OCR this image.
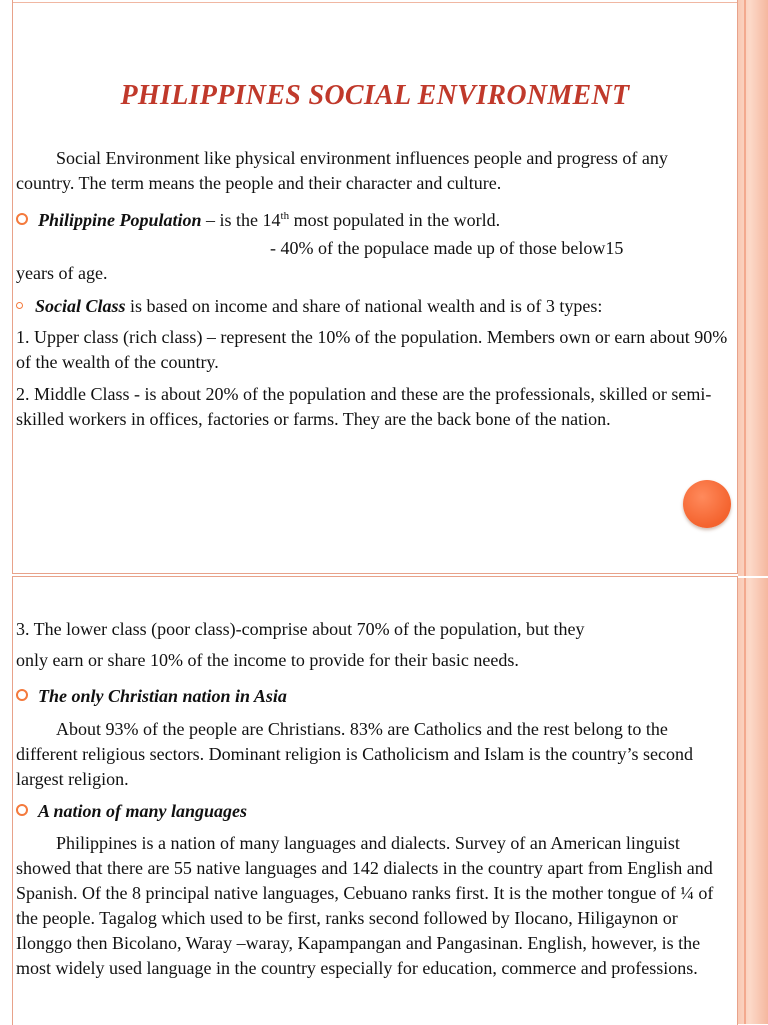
PHILIPPINES SOCIAL ENVIRONMENT
Social Environment like physical environment influences people and progress of any country. The term means the people and their character and culture.
Philippine Population – is the 14th most populated in the world.
- 40% of the populace made up of those below15
years of age.
Social Class is based on income and share of national wealth and is of 3 types:
1. Upper class (rich class) – represent the 10% of the population. Members own or earn about 90% of the wealth of the country.
2. Middle Class - is about 20% of the population and these are the professionals, skilled or semi-skilled workers in offices, factories or farms. They are the back bone of the nation.
3. The lower class (poor class)-comprise about 70% of the population, but they
only earn or share 10% of the income to provide for their basic needs.
The only Christian nation in Asia
About 93% of the people are Christians. 83% are Catholics and the rest belong to the different religious sectors. Dominant religion is Catholicism and Islam is the country’s second largest religion.
A nation of many languages
Philippines is a nation of many languages and dialects. Survey of an American linguist showed that there are 55 native languages and 142 dialects in the country apart from English and Spanish. Of the 8 principal native languages, Cebuano ranks first. It is the mother tongue of ¼ of the people. Tagalog which used to be first, ranks second followed by Ilocano, Hiligaynon or Ilonggo then Bicolano, Waray –waray, Kapampangan and Pangasinan. English, however, is the most widely used language in the country especially for education, commerce and professions.
